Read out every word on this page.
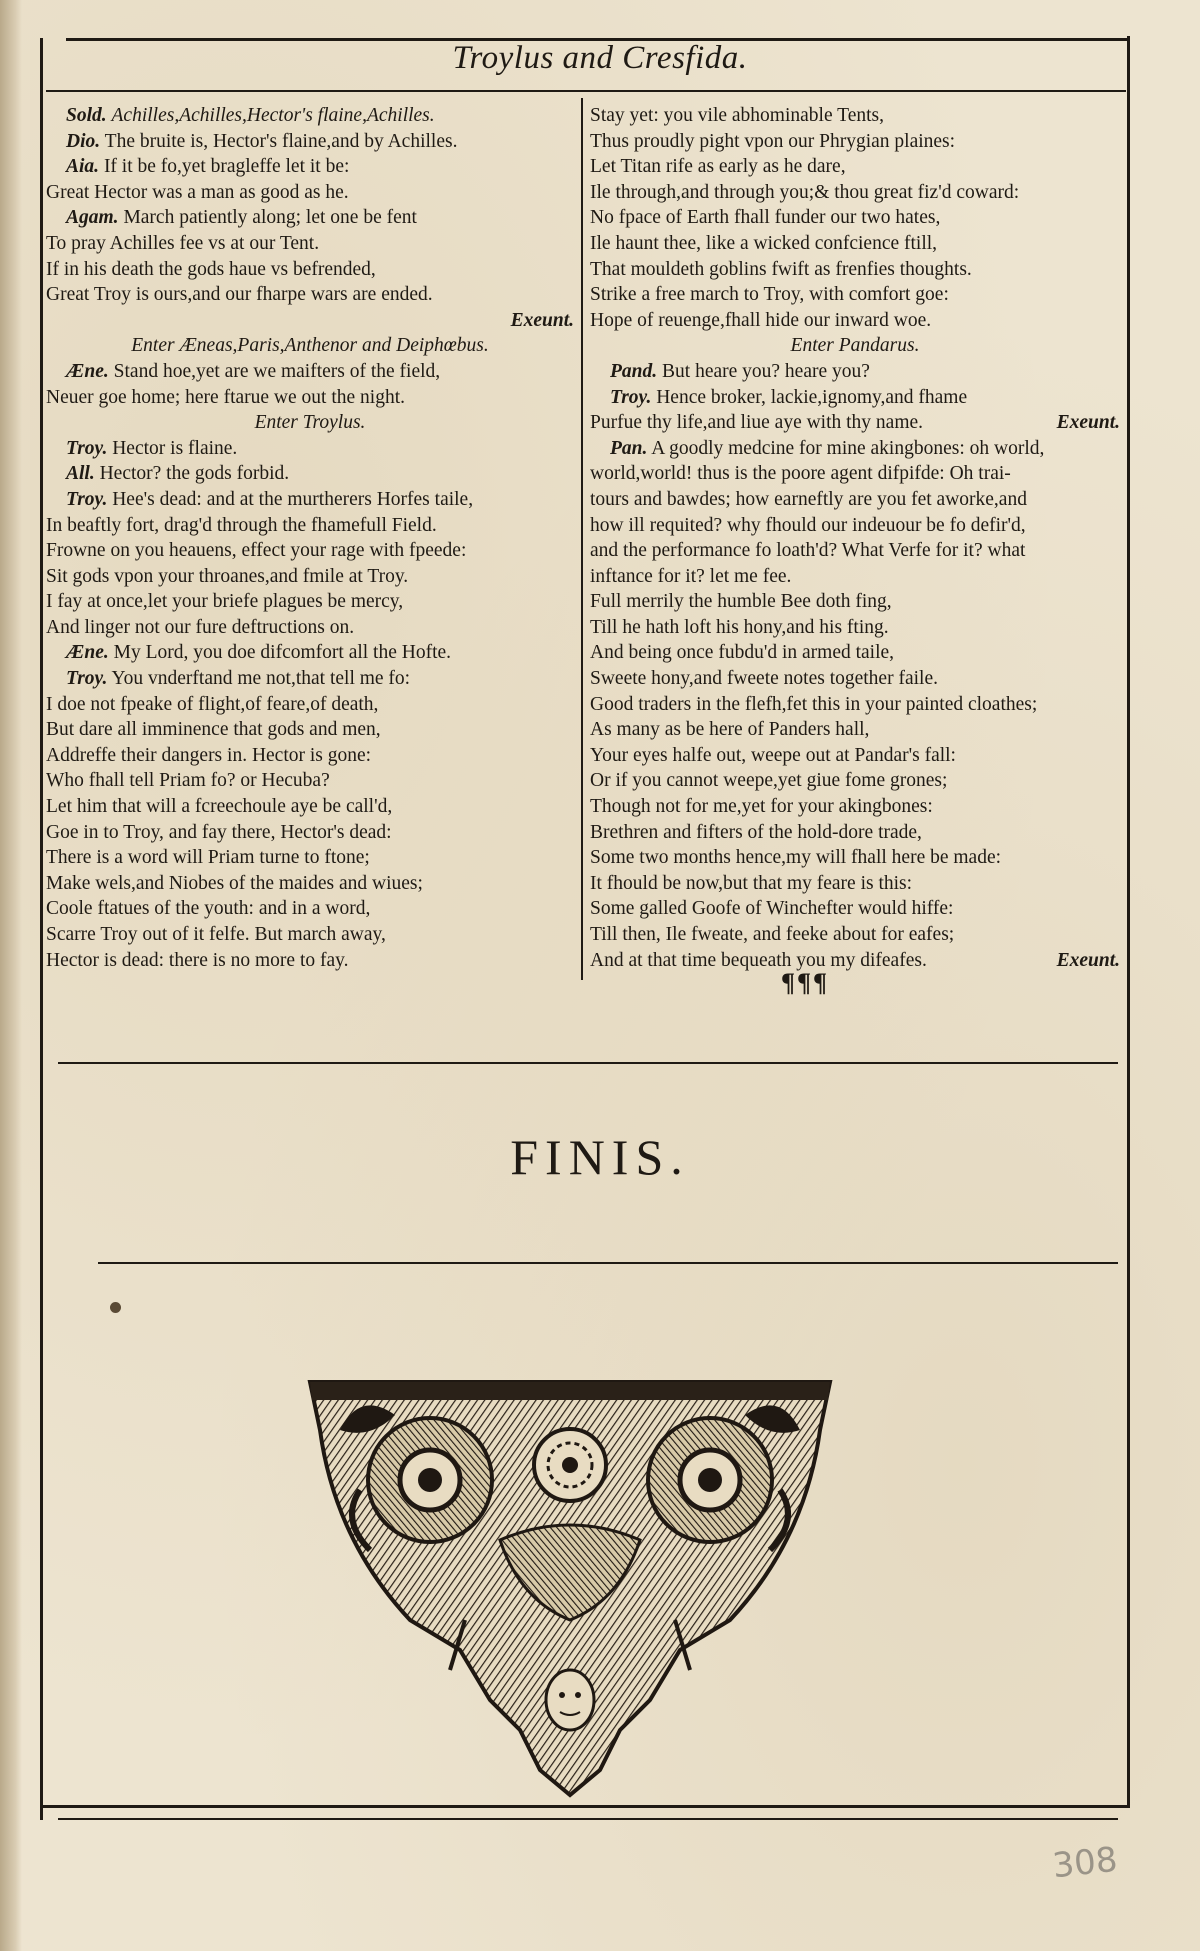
Troylus and Cresfida.
Sold. Achilles,Achilles,Hector's flaine,Achilles.
Dio. The bruite is, Hector's flaine,and by Achilles.
Aia. If it be fo,yet bragleffe let it be:
Great Hector was a man as good as he.
Agam. March patiently along; let one be fent
To pray Achilles fee vs at our Tent.
If in his death the gods haue vs befrended,
Great Troy is ours,and our fharpe wars are ended.
Exeunt.
Enter Æneas,Paris,Anthenor and Deiphœbus.
Æne. Stand hoe,yet are we maifters of the field,
Neuer goe home; here ftarue we out the night.
Enter Troylus.
Troy. Hector is flaine.
All. Hector? the gods forbid.
Troy. Hee's dead: and at the murtherers Horfes taile,
In beaftly fort, drag'd through the fhamefull Field.
Frowne on you heauens, effect your rage with fpeede:
Sit gods vpon your throanes,and fmile at Troy.
I fay at once,let your briefe plagues be mercy,
And linger not our fure deftructions on.
Æne. My Lord, you doe difcomfort all the Hofte.
Troy. You vnderftand me not,that tell me fo:
I doe not fpeake of flight,of feare,of death,
But dare all imminence that gods and men,
Addreffe their dangers in. Hector is gone:
Who fhall tell Priam fo? or Hecuba?
Let him that will a fcreechoule aye be call'd,
Goe in to Troy, and fay there, Hector's dead:
There is a word will Priam turne to ftone;
Make wels,and Niobes of the maides and wiues;
Coole ftatues of the youth: and in a word,
Scarre Troy out of it felfe. But march away,
Hector is dead: there is no more to fay.
Stay yet: you vile abhominable Tents,
Thus proudly pight vpon our Phrygian plaines:
Let Titan rife as early as he dare,
Ile through,and through you;& thou great fiz'd coward:
No fpace of Earth fhall funder our two hates,
Ile haunt thee, like a wicked confcience ftill,
That mouldeth goblins fwift as frenfies thoughts.
Strike a free march to Troy, with comfort goe:
Hope of reuenge,fhall hide our inward woe.
Enter Pandarus.
Pand. But heare you? heare you?
Troy. Hence broker, lackie,ignomy,and fhame
Exeunt.
Purfue thy life,and liue aye with thy name.
Pan. A goodly medcine for mine akingbones: oh world,
world,world! thus is the poore agent difpifde: Oh trai-
tours and bawdes; how earneftly are you fet aworke,and
how ill requited? why fhould our indeuour be fo defir'd,
and the performance fo loath'd? What Verfe for it? what
inftance for it? let me fee.
Full merrily the humble Bee doth fing,
Till he hath loft his hony,and his fting.
And being once fubdu'd in armed taile,
Sweete hony,and fweete notes together faile.
Good traders in the flefh,fet this in your painted cloathes;
As many as be here of Panders hall,
Your eyes halfe out, weepe out at Pandar's fall:
Or if you cannot weepe,yet giue fome grones;
Though not for me,yet for your akingbones:
Brethren and fifters of the hold-dore trade,
Some two months hence,my will fhall here be made:
It fhould be now,but that my feare is this:
Some galled Goofe of Winchefter would hiffe:
Till then, Ile fweate, and feeke about for eafes;
Exeunt.
And at that time bequeath you my difeafes.
¶¶¶
FINIS.
308
